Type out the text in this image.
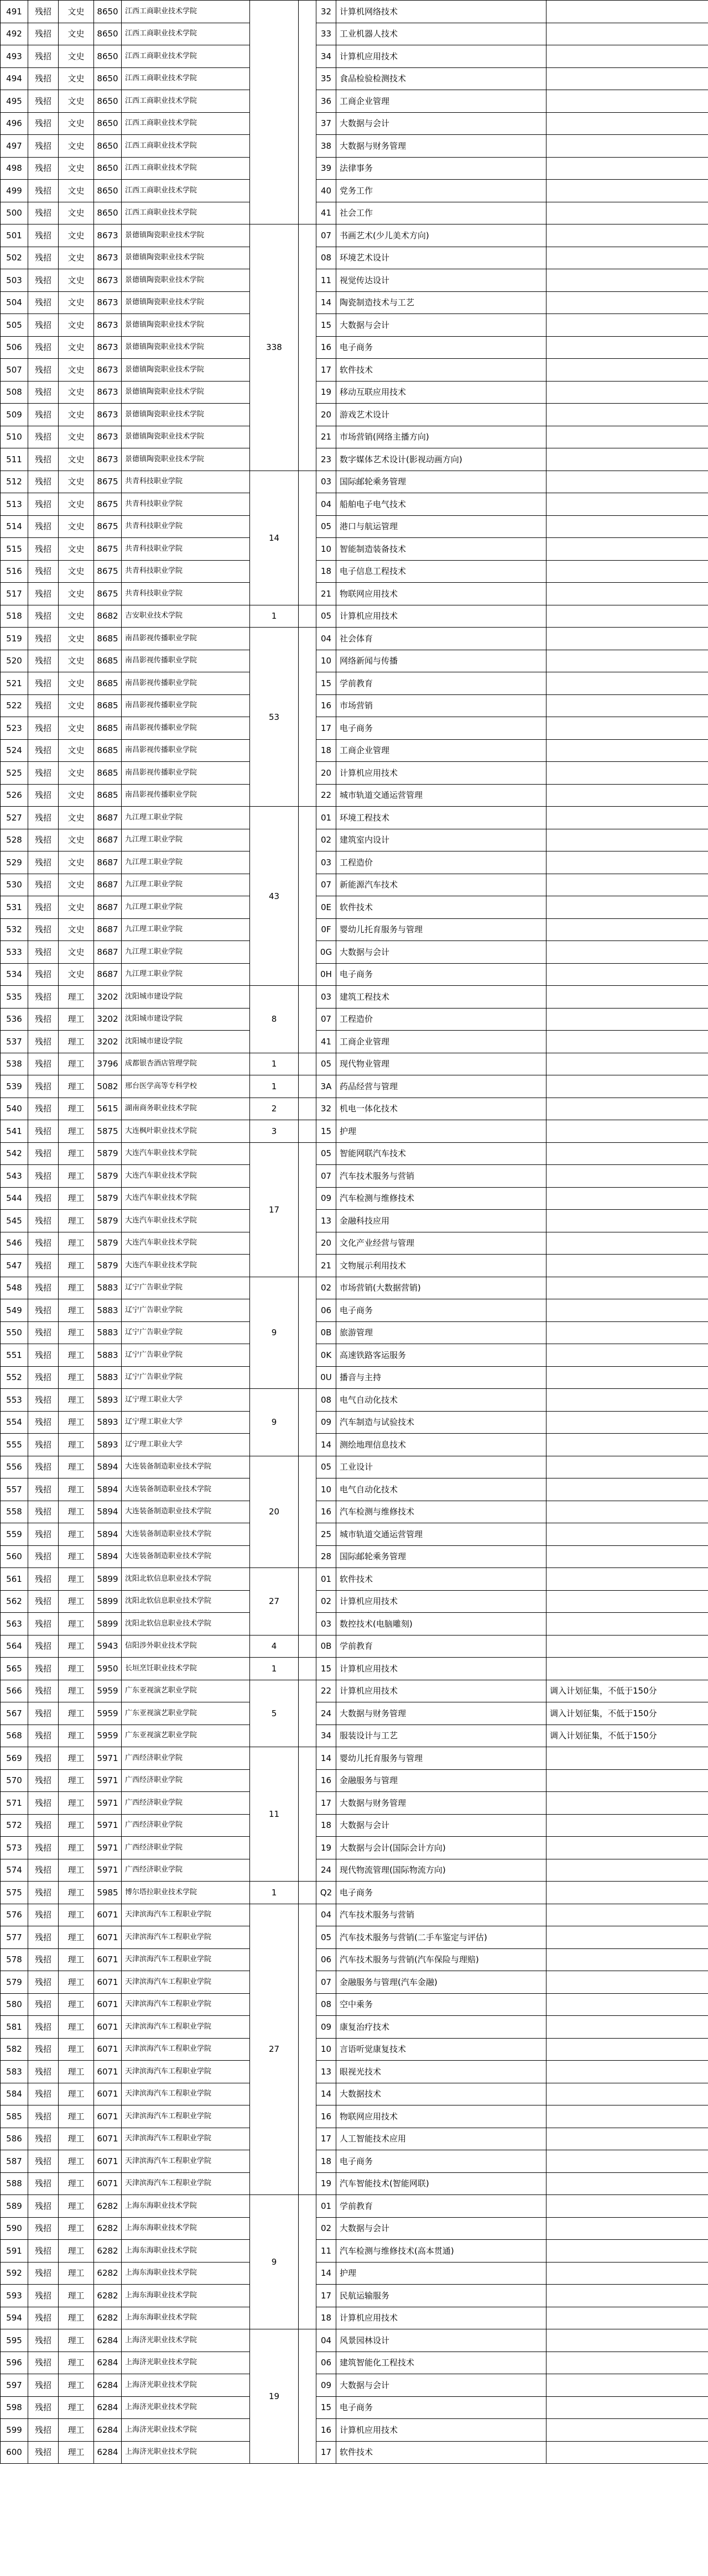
491	残招	文史	8650	江西工商职业技术学院			32	计算机网络技术	
492	残招	文史	8650	江西工商职业技术学院			33	工业机器人技术	
493	残招	文史	8650	江西工商职业技术学院			34	计算机应用技术	
494	残招	文史	8650	江西工商职业技术学院			35	食品检验检测技术	
495	残招	文史	8650	江西工商职业技术学院			36	工商企业管理	
496	残招	文史	8650	江西工商职业技术学院			37	大数据与会计	
497	残招	文史	8650	江西工商职业技术学院			38	大数据与财务管理	
498	残招	文史	8650	江西工商职业技术学院			39	法律事务	
499	残招	文史	8650	江西工商职业技术学院			40	党务工作	
500	残招	文史	8650	江西工商职业技术学院			41	社会工作	
501	残招	文史	8673	景德镇陶瓷职业技术学院	338		07	书画艺术(少儿美术方向)	
502	残招	文史	8673	景德镇陶瓷职业技术学院			08	环境艺术设计	
503	残招	文史	8673	景德镇陶瓷职业技术学院			11	视觉传达设计	
504	残招	文史	8673	景德镇陶瓷职业技术学院			14	陶瓷制造技术与工艺	
505	残招	文史	8673	景德镇陶瓷职业技术学院			15	大数据与会计	
506	残招	文史	8673	景德镇陶瓷职业技术学院			16	电子商务	
507	残招	文史	8673	景德镇陶瓷职业技术学院			17	软件技术	
508	残招	文史	8673	景德镇陶瓷职业技术学院			19	移动互联应用技术	
509	残招	文史	8673	景德镇陶瓷职业技术学院			20	游戏艺术设计	
510	残招	文史	8673	景德镇陶瓷职业技术学院			21	市场营销(网络主播方向)	
511	残招	文史	8673	景德镇陶瓷职业技术学院			23	数字媒体艺术设计(影视动画方向)	
512	残招	文史	8675	共青科技职业学院	14		03	国际邮轮乘务管理	
513	残招	文史	8675	共青科技职业学院			04	船舶电子电气技术	
514	残招	文史	8675	共青科技职业学院			05	港口与航运管理	
515	残招	文史	8675	共青科技职业学院			10	智能制造装备技术	
516	残招	文史	8675	共青科技职业学院			18	电子信息工程技术	
517	残招	文史	8675	共青科技职业学院			21	物联网应用技术	
518	残招	文史	8682	吉安职业技术学院	1		05	计算机应用技术	
519	残招	文史	8685	南昌影视传播职业学院	53		04	社会体育	
520	残招	文史	8685	南昌影视传播职业学院			10	网络新闻与传播	
521	残招	文史	8685	南昌影视传播职业学院			15	学前教育	
522	残招	文史	8685	南昌影视传播职业学院			16	市场营销	
523	残招	文史	8685	南昌影视传播职业学院			17	电子商务	
524	残招	文史	8685	南昌影视传播职业学院			18	工商企业管理	
525	残招	文史	8685	南昌影视传播职业学院			20	计算机应用技术	
526	残招	文史	8685	南昌影视传播职业学院			22	城市轨道交通运营管理	
527	残招	文史	8687	九江理工职业学院	43		01	环境工程技术	
528	残招	文史	8687	九江理工职业学院			02	建筑室内设计	
529	残招	文史	8687	九江理工职业学院			03	工程造价	
530	残招	文史	8687	九江理工职业学院			07	新能源汽车技术	
531	残招	文史	8687	九江理工职业学院			0E	软件技术	
532	残招	文史	8687	九江理工职业学院			0F	婴幼儿托育服务与管理	
533	残招	文史	8687	九江理工职业学院			0G	大数据与会计	
534	残招	文史	8687	九江理工职业学院			0H	电子商务	
535	残招	理工	3202	沈阳城市建设学院	8		03	建筑工程技术	
536	残招	理工	3202	沈阳城市建设学院			07	工程造价	
537	残招	理工	3202	沈阳城市建设学院			41	工商企业管理	
538	残招	理工	3796	成都银杏酒店管理学院	1		05	现代物业管理	
539	残招	理工	5082	邢台医学高等专科学校	1		3A	药品经营与管理	
540	残招	理工	5615	湖南商务职业技术学院	2		32	机电一体化技术	
541	残招	理工	5875	大连枫叶职业技术学院	3		15	护理	
542	残招	理工	5879	大连汽车职业技术学院	17		05	智能网联汽车技术	
543	残招	理工	5879	大连汽车职业技术学院			07	汽车技术服务与营销	
544	残招	理工	5879	大连汽车职业技术学院			09	汽车检测与维修技术	
545	残招	理工	5879	大连汽车职业技术学院			13	金融科技应用	
546	残招	理工	5879	大连汽车职业技术学院			20	文化产业经营与管理	
547	残招	理工	5879	大连汽车职业技术学院			21	文物展示利用技术	
548	残招	理工	5883	辽宁广告职业学院	9		02	市场营销(大数据营销)	
549	残招	理工	5883	辽宁广告职业学院			06	电子商务	
550	残招	理工	5883	辽宁广告职业学院			0B	旅游管理	
551	残招	理工	5883	辽宁广告职业学院			0K	高速铁路客运服务	
552	残招	理工	5883	辽宁广告职业学院			0U	播音与主持	
553	残招	理工	5893	辽宁理工职业大学	9		08	电气自动化技术	
554	残招	理工	5893	辽宁理工职业大学			09	汽车制造与试验技术	
555	残招	理工	5893	辽宁理工职业大学			14	测绘地理信息技术	
556	残招	理工	5894	大连装备制造职业技术学院	20		05	工业设计	
557	残招	理工	5894	大连装备制造职业技术学院			10	电气自动化技术	
558	残招	理工	5894	大连装备制造职业技术学院			16	汽车检测与维修技术	
559	残招	理工	5894	大连装备制造职业技术学院			25	城市轨道交通运营管理	
560	残招	理工	5894	大连装备制造职业技术学院			28	国际邮轮乘务管理	
561	残招	理工	5899	沈阳北软信息职业技术学院	27		01	软件技术	
562	残招	理工	5899	沈阳北软信息职业技术学院			02	计算机应用技术	
563	残招	理工	5899	沈阳北软信息职业技术学院			03	数控技术(电脑雕刻)	
564	残招	理工	5943	信阳涉外职业技术学院	4		0B	学前教育	
565	残招	理工	5950	长垣烹饪职业技术学院	1		15	计算机应用技术	
566	残招	理工	5959	广东亚视演艺职业学院	5		22	计算机应用技术	调入计划征集，不低于150分
567	残招	理工	5959	广东亚视演艺职业学院			24	大数据与财务管理	调入计划征集，不低于150分
568	残招	理工	5959	广东亚视演艺职业学院			34	服装设计与工艺	调入计划征集，不低于150分
569	残招	理工	5971	广西经济职业学院	11		14	婴幼儿托育服务与管理	
570	残招	理工	5971	广西经济职业学院			16	金融服务与管理	
571	残招	理工	5971	广西经济职业学院			17	大数据与财务管理	
572	残招	理工	5971	广西经济职业学院			18	大数据与会计	
573	残招	理工	5971	广西经济职业学院			19	大数据与会计(国际会计方向)	
574	残招	理工	5971	广西经济职业学院			24	现代物流管理(国际物流方向)	
575	残招	理工	5985	博尔塔拉职业技术学院	1		Q2	电子商务	
576	残招	理工	6071	天津滨海汽车工程职业学院	27		04	汽车技术服务与营销	
577	残招	理工	6071	天津滨海汽车工程职业学院			05	汽车技术服务与营销(二手车鉴定与评估)	
578	残招	理工	6071	天津滨海汽车工程职业学院			06	汽车技术服务与营销(汽车保险与理赔)	
579	残招	理工	6071	天津滨海汽车工程职业学院			07	金融服务与管理(汽车金融)	
580	残招	理工	6071	天津滨海汽车工程职业学院			08	空中乘务	
581	残招	理工	6071	天津滨海汽车工程职业学院			09	康复治疗技术	
582	残招	理工	6071	天津滨海汽车工程职业学院			10	言语听觉康复技术	
583	残招	理工	6071	天津滨海汽车工程职业学院			13	眼视光技术	
584	残招	理工	6071	天津滨海汽车工程职业学院			14	大数据技术	
585	残招	理工	6071	天津滨海汽车工程职业学院			16	物联网应用技术	
586	残招	理工	6071	天津滨海汽车工程职业学院			17	人工智能技术应用	
587	残招	理工	6071	天津滨海汽车工程职业学院			18	电子商务	
588	残招	理工	6071	天津滨海汽车工程职业学院			19	汽车智能技术(智能网联)	
589	残招	理工	6282	上海东海职业技术学院	9		01	学前教育	
590	残招	理工	6282	上海东海职业技术学院			02	大数据与会计	
591	残招	理工	6282	上海东海职业技术学院			11	汽车检测与维修技术(高本贯通)	
592	残招	理工	6282	上海东海职业技术学院			14	护理	
593	残招	理工	6282	上海东海职业技术学院			17	民航运输服务	
594	残招	理工	6282	上海东海职业技术学院			18	计算机应用技术	
595	残招	理工	6284	上海济光职业技术学院	19		04	风景园林设计	
596	残招	理工	6284	上海济光职业技术学院			06	建筑智能化工程技术	
597	残招	理工	6284	上海济光职业技术学院			09	大数据与会计	
598	残招	理工	6284	上海济光职业技术学院			15	电子商务	
599	残招	理工	6284	上海济光职业技术学院			16	计算机应用技术	
600	残招	理工	6284	上海济光职业技术学院			17	软件技术	
